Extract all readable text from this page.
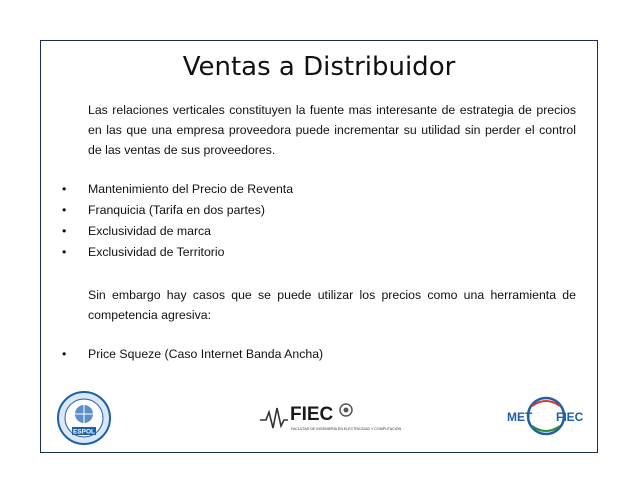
Ventas a Distribuidor
Las relaciones verticales constituyen la fuente mas interesante de estrategia de precios en las que una empresa proveedora puede incrementar su utilidad sin perder el control de las ventas de sus proveedores.
•	Mantenimiento del Precio de Reventa
•	Franquicia (Tarifa en dos partes)
•	Exclusividad de marca
•	Exclusividad de Territorio
Sin embargo hay casos que se puede utilizar los precios como una herramienta de competencia agresiva:
•	Price Squeze (Caso Internet Banda Ancha)
ESPOL
FIEC
FACULTAD DE INGENIERÍA EN ELECTRICIDAD Y COMPUTACIÓN
MET FIEC
